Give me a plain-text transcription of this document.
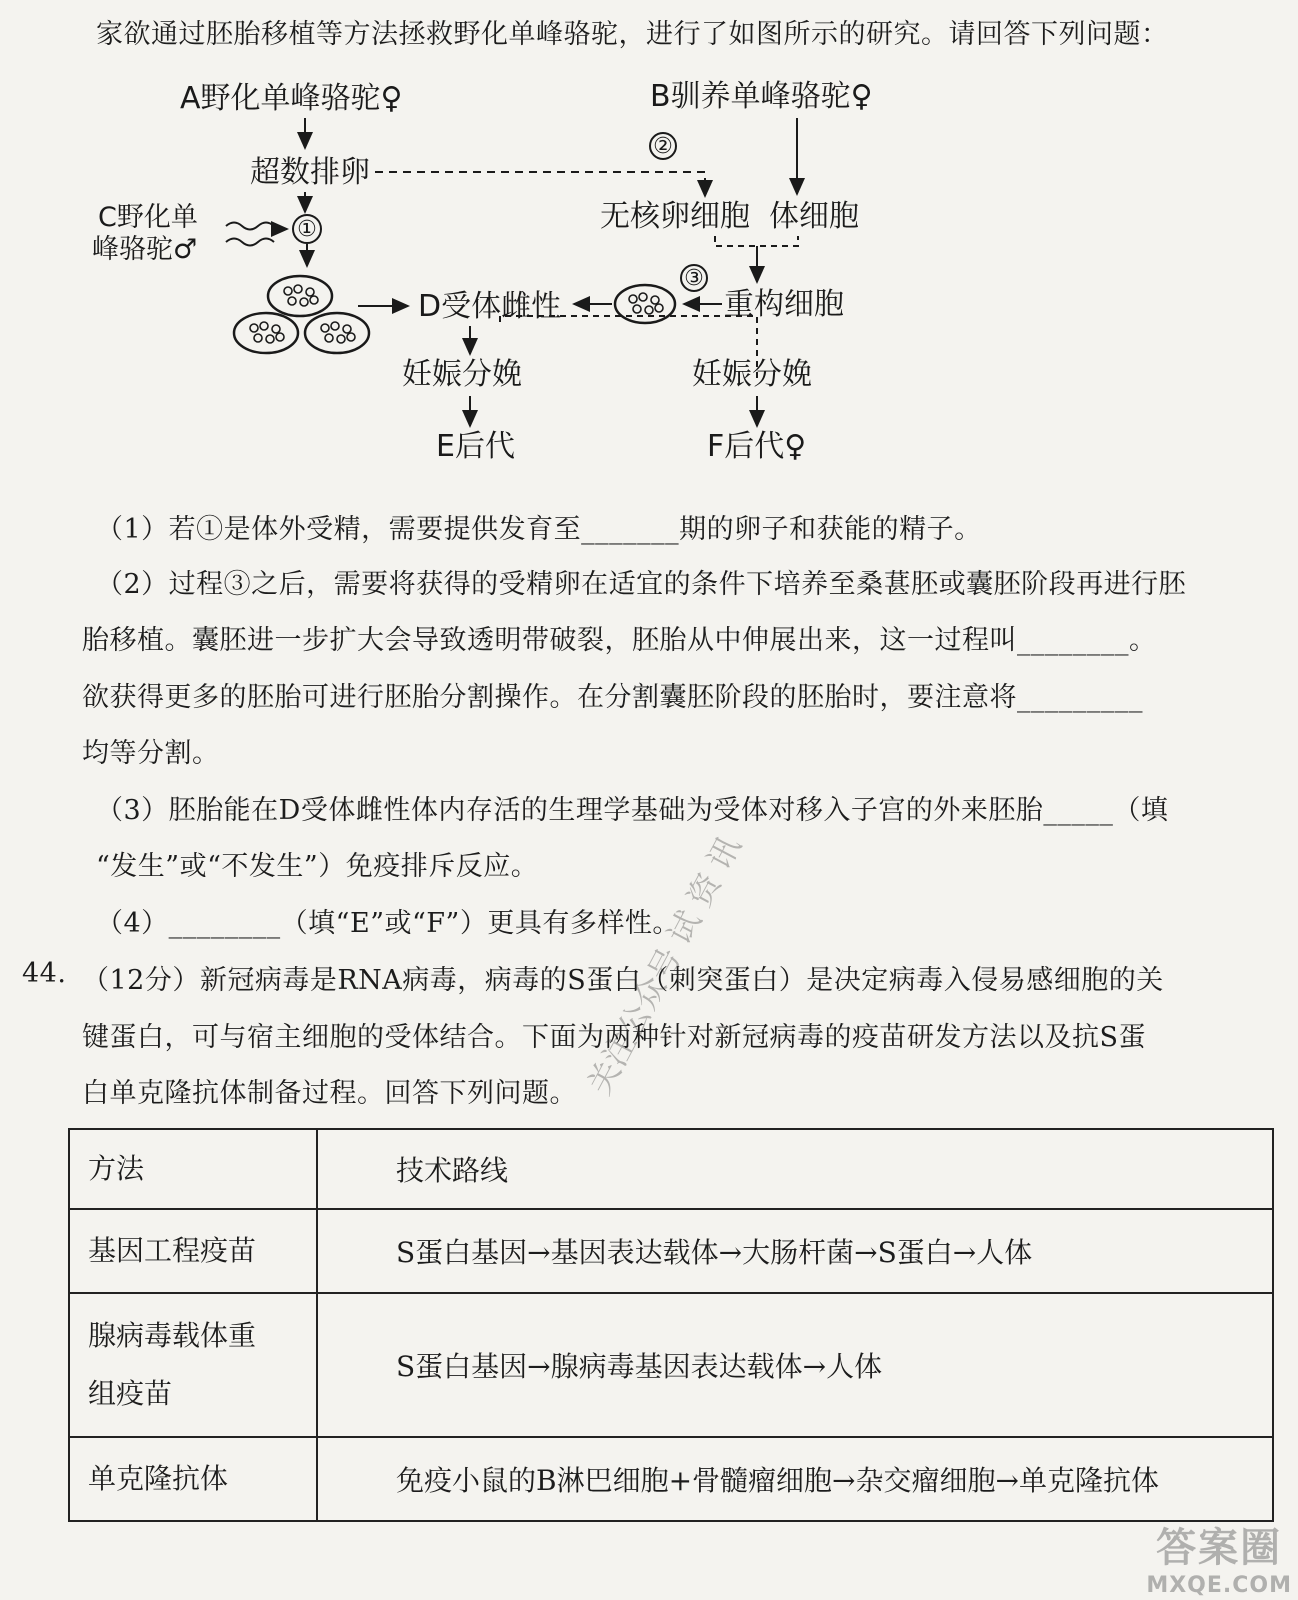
家欲通过胚胎移植等方法拯救野化单峰骆驼，进行了如图所示的研究。请回答下列问题：
A野化单峰骆驼♀	B驯养单峰骆驼♀
超数排卵
②
无核卵细胞 体细胞
C野化单
峰骆驼♂
①
D受体雌性
③
重构细胞
妊娠分娩	妊娠分娩
E后代	F后代♀
（1）若①是体外受精，需要提供发育至_______期的卵子和获能的精子。
（2）过程③之后，需要将获得的受精卵在适宜的条件下培养至桑葚胚或囊胚阶段再进行胚
胎移植。囊胚进一步扩大会导致透明带破裂，胚胎从中伸展出来，这一过程叫________。
欲获得更多的胚胎可进行胚胎分割操作。在分割囊胚阶段的胚胎时，要注意将_________
均等分割。
（3）胚胎能在D受体雌性体内存活的生理学基础为受体对移入子宫的外来胚胎_____（填
“发生”或“不发生”）免疫排斥反应。
（4）________（填“E”或“F”）更具有多样性。
44. （12分）新冠病毒是RNA病毒，病毒的S蛋白（刺突蛋白）是决定病毒入侵易感细胞的关
键蛋白，可与宿主细胞的受体结合。下面为两种针对新冠病毒的疫苗研发方法以及抗S蛋
白单克隆抗体制备过程。回答下列问题。
方法	技术路线
基因工程疫苗	S蛋白基因→基因表达载体→大肠杆菌→S蛋白→人体

腺病毒载体重
组疫苗	S蛋白基因→腺病毒基因表达载体→人体
单克隆抗体	免疫小鼠的B淋巴细胞+骨髓瘤细胞→杂交瘤细胞→单克隆抗体
关注公众号 试 资 讯
答案圈
MXQE.COM
